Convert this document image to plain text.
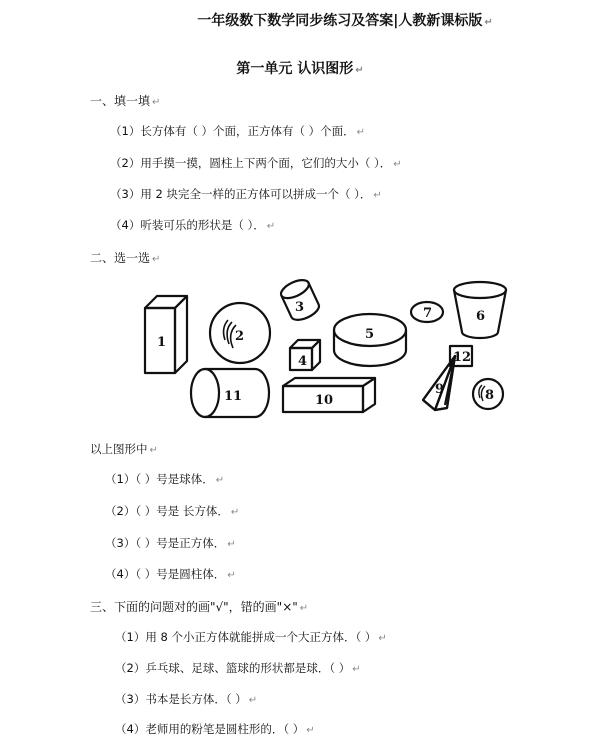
一年级数下数学同步练习及答案|人教新课标版 ↵
第一单元 认识图形 ↵
一、填一填 ↵
（1）长方体有（ ）个面，正方体有（ ）个面． ↵
（2）用手摸一摸，圆柱上下两个面，它们的大小（ ）． ↵
（3）用 2 块完全一样的正方体可以拼成一个（ ）． ↵
（4）听装可乐的形状是（ ）． ↵
二、选一选 ↵
1	2
3
4
5
6
7
8
9
10
11
12
以上图形中 ↵
（1）（ ）号是球体． ↵
（2）（ ）号是 长方体． ↵
（3）（ ）号是正方体． ↵
（4）（ ）号是圆柱体． ↵
三、下面的问题对的画"√"，错的画"×" ↵
（1）用 8 个小正方体就能拼成一个大正方体．（ ） ↵
（2）乒乓球、足球、篮球的形状都是球．（ ） ↵
（3）书本是长方体．（ ） ↵
（4）老师用的粉笔是圆柱形的．（ ） ↵
